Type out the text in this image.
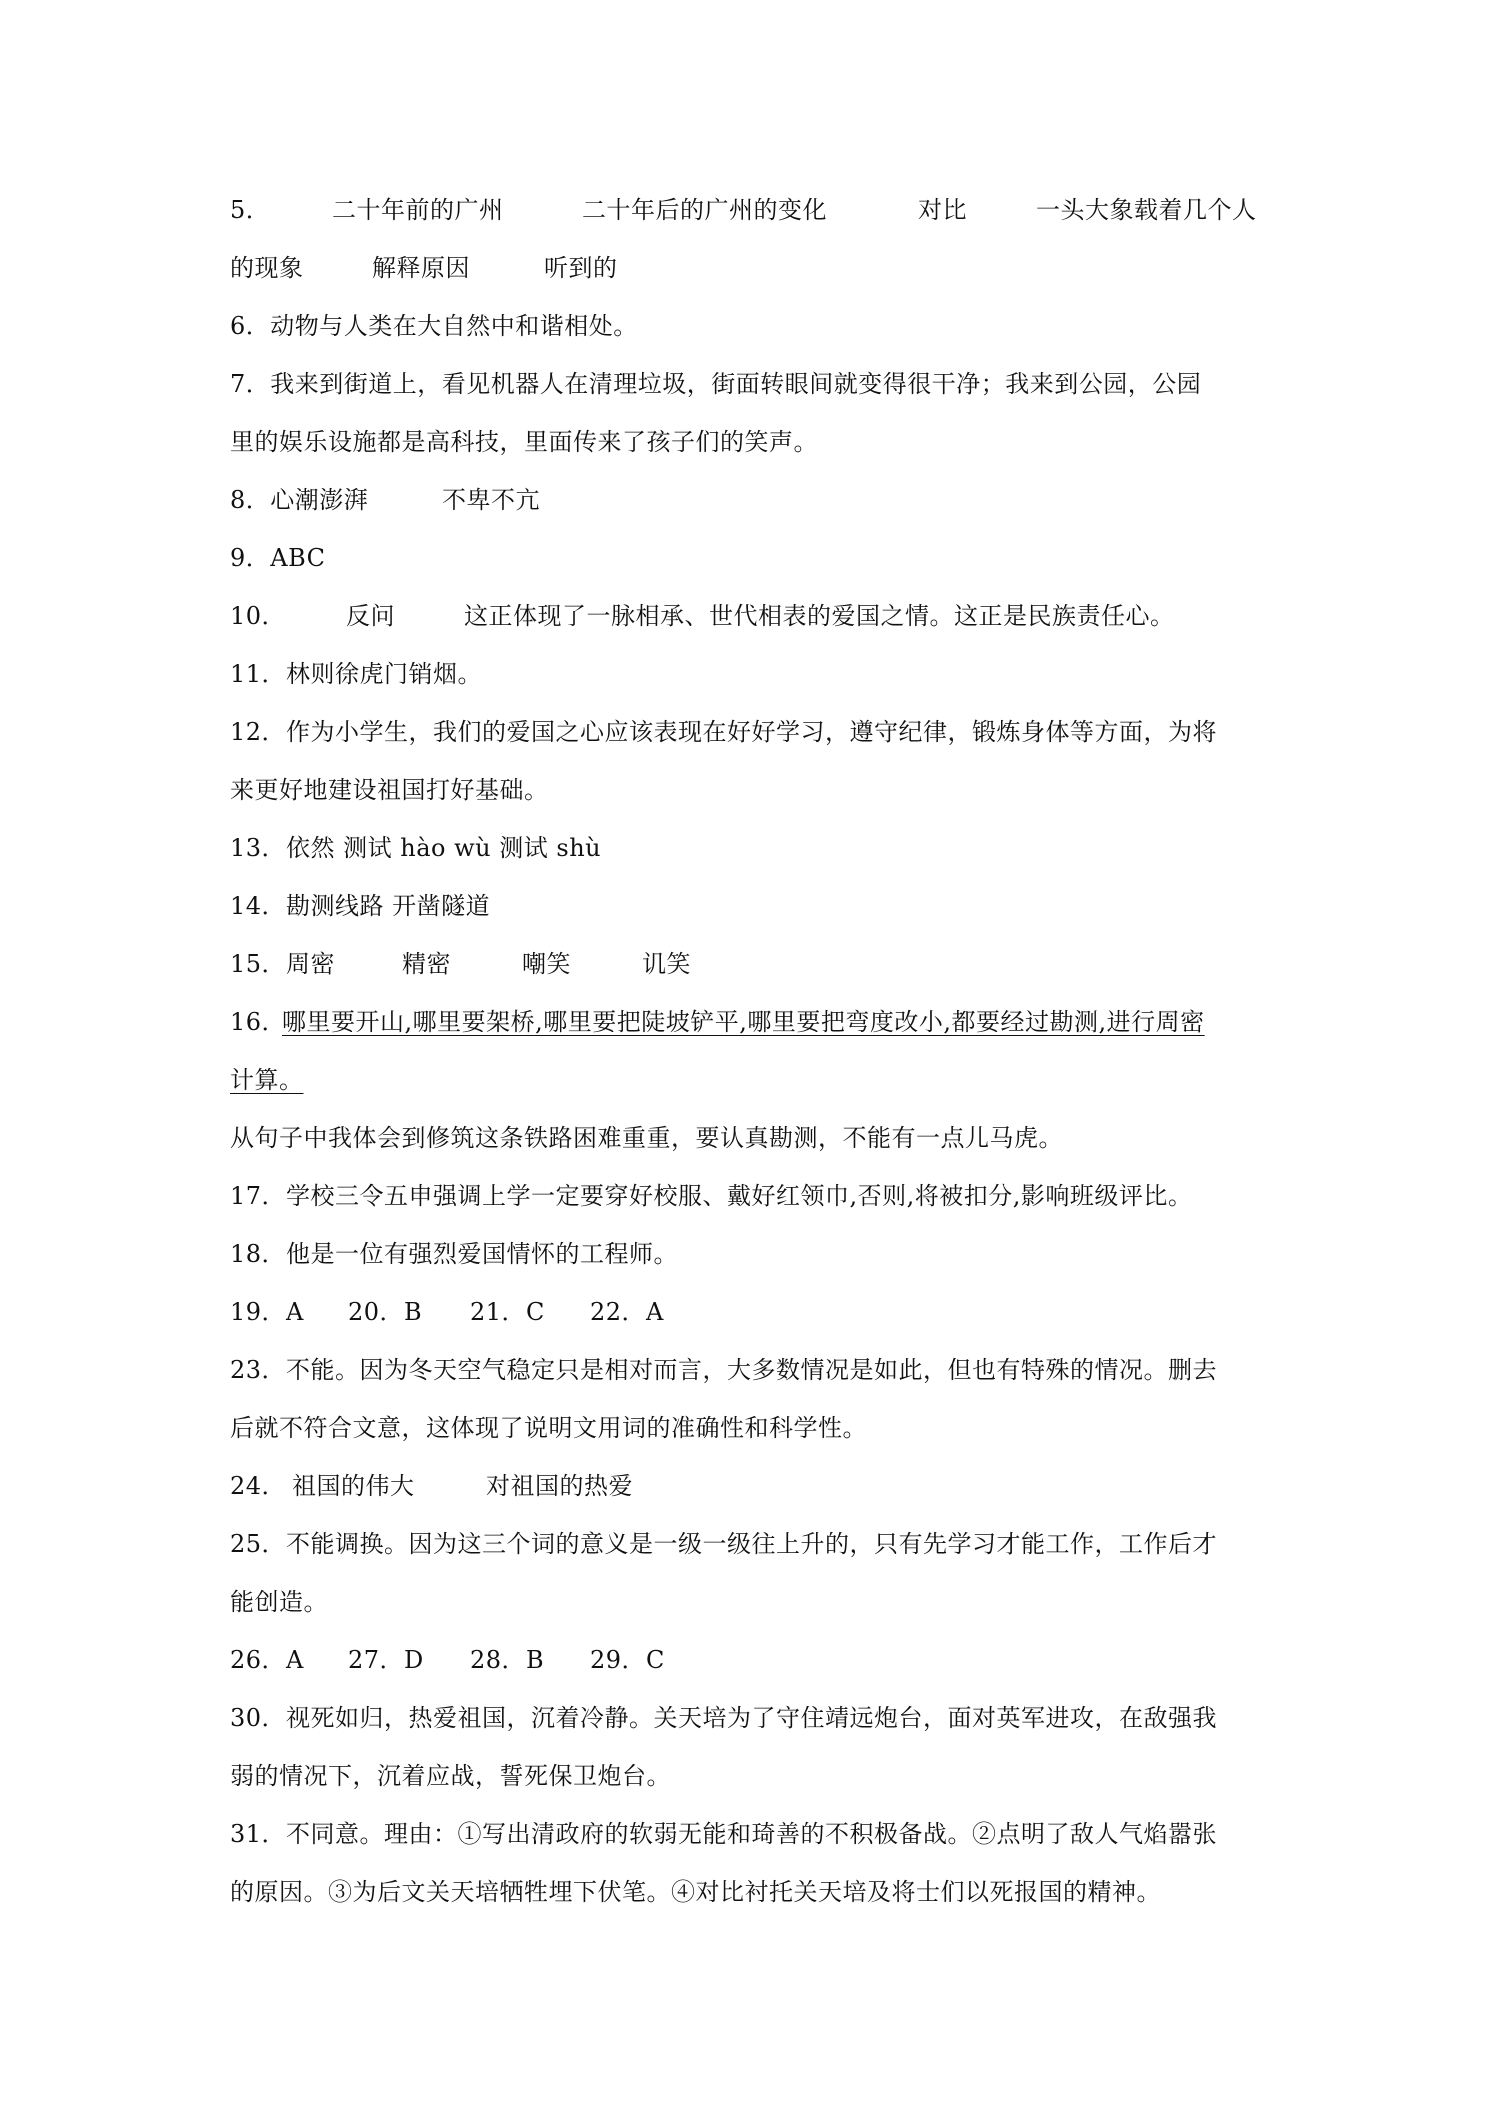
5．	二十年前的广州	二十年后的广州的变化	对比	一头大象载着几个人
的现象	解释原因	听到的
6．动物与人类在大自然中和谐相处。
7．我来到街道上，看见机器人在清理垃圾，街面转眼间就变得很干净；我来到公园，公园
里的娱乐设施都是高科技，里面传来了孩子们的笑声。
8．心潮澎湃	不卑不亢
9．ABC
10． 反问	这正体现了一脉相承、世代相表的爱国之情。这正是民族责任心。
11．林则徐虎门销烟。
12．作为小学生，我们的爱国之心应该表现在好好学习，遵守纪律，锻炼身体等方面，为将
来更好地建设祖国打好基础。
13．依然 测试 hào wù 测试 shù
14．勘测线路 开凿隧道
15．周密	精密	嘲笑	讥笑
16．
哪里要开山,哪里要架桥,哪里要把陡坡铲平,哪里要把弯度改小,都要经过勘测,进行周密
计算。
从句子中我体会到修筑这条铁路困难重重，要认真勘测，不能有一点儿马虎。
17．学校三令五申强调上学一定要穿好校服、戴好红领巾,否则,将被扣分,影响班级评比。
18．他是一位有强烈爱国情怀的工程师。
19．A 20．B 21．C 22．A
23．不能。因为冬天空气稳定只是相对而言，大多数情况是如此，但也有特殊的情况。删去
后就不符合文意，这体现了说明文用词的准确性和科学性。
24． 祖国的伟大	对祖国的热爱
25．不能调换。因为这三个词的意义是一级一级往上升的，只有先学习才能工作，工作后才
能创造。
26．A 27．D 28．B 29．C
30．视死如归，热爱祖国，沉着冷静。关天培为了守住靖远炮台，面对英军进攻，在敌强我
弱的情况下，沉着应战，誓死保卫炮台。
31．不同意。理由：①写出清政府的软弱无能和琦善的不积极备战。②点明了敌人气焰嚣张
的原因。③为后文关天培牺牲埋下伏笔。④对比衬托关天培及将士们以死报国的精神。
